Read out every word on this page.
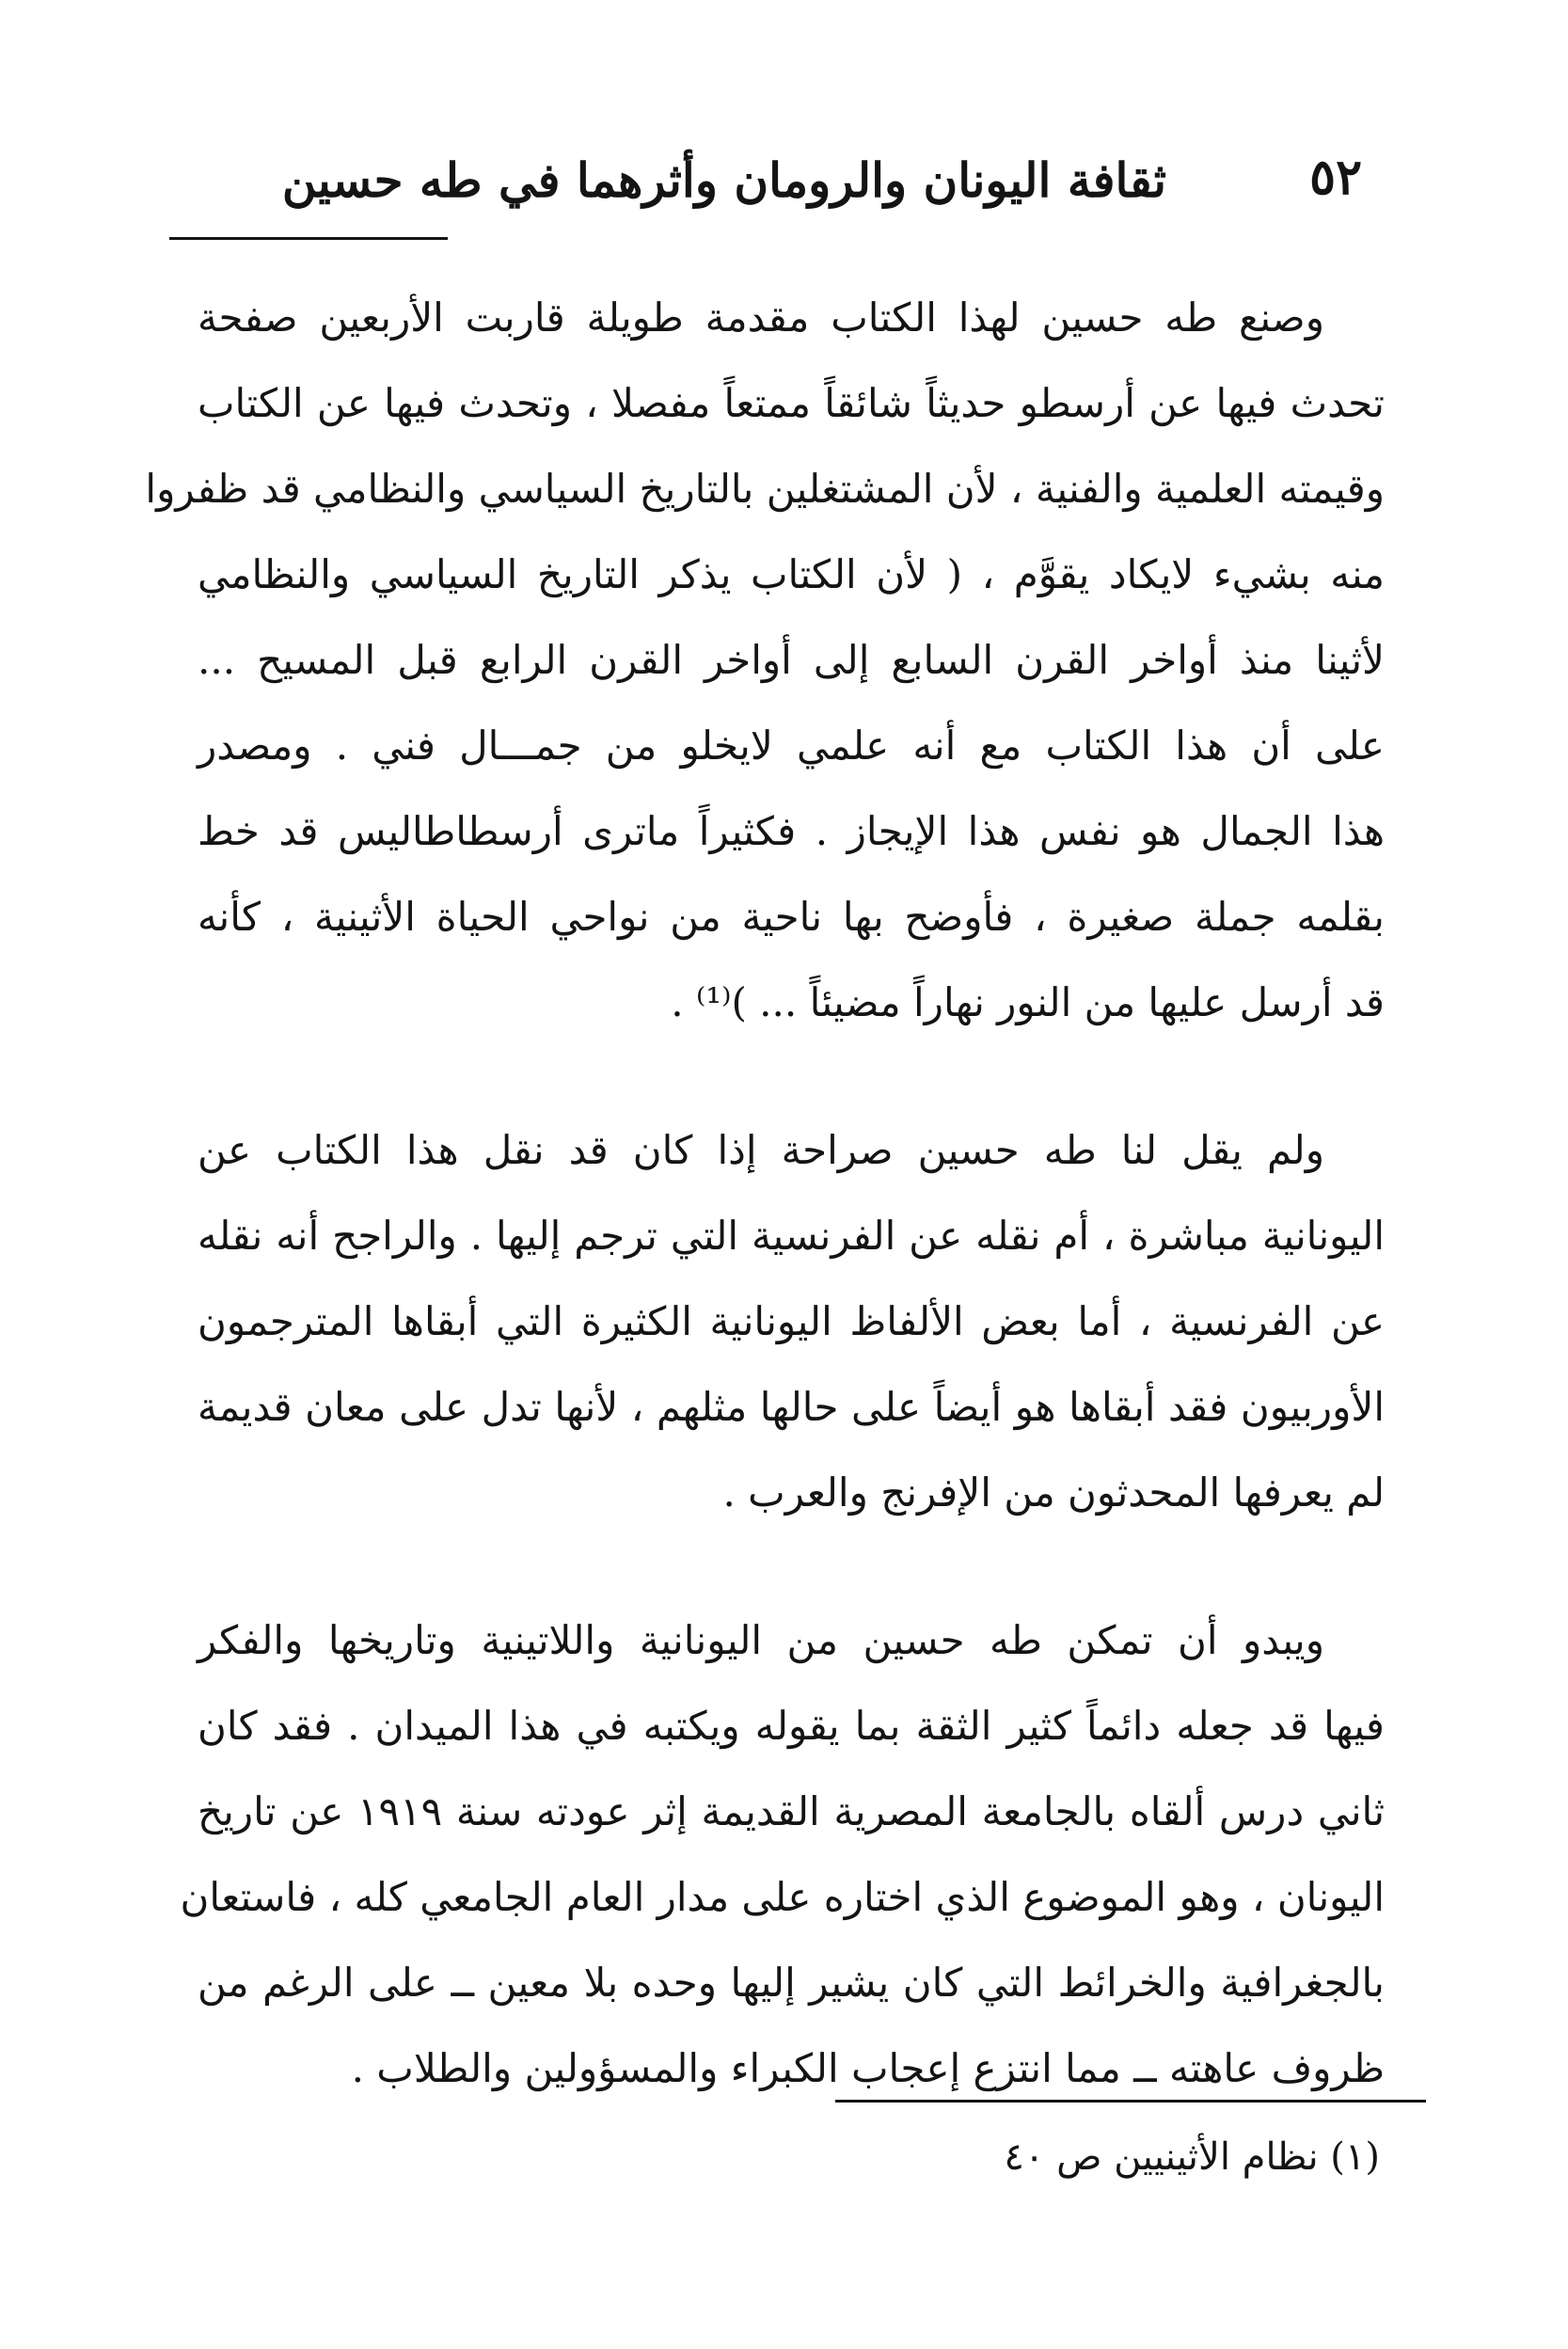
٥٢
ثقافة اليونان والرومان وأثرهما في طه حسين
وصنع طه حسين لهذا الكتاب مقدمة طويلة قاربت الأربعين صفحة
تحدث فيها عن أرسطو حديثاً شائقاً ممتعاً مفصلا ، وتحدث فيها عن الكتاب
وقيمته العلمية والفنية ، لأن المشتغلين بالتاريخ السياسي والنظامي قد ظفروا
منه بشيء لايكاد يقوَّم ، ( لأن الكتاب يذكر التاريخ السياسي والنظامي
لأثينا منذ أواخر القرن السابع إلى أواخر القرن الرابع قبل المسيح ...
على أن هذا الكتاب مع أنه علمي لايخلو من جمـــال فني . ومصدر
هذا الجمال هو نفس هذا الإيجاز . فكثيراً ماترى أرسطاطاليس قد خط
بقلمه جملة صغيرة ، فأوضح بها ناحية من نواحي الحياة الأثينية ، كأنه
قد أرسل عليها من النور نهاراً مضيئاً ... )⁽¹⁾ .
ولم يقل لنا طه حسين صراحة إذا كان قد نقل هذا الكتاب عن
اليونانية مباشرة ، أم نقله عن الفرنسية التي ترجم إليها . والراجح أنه نقله
عن الفرنسية ، أما بعض الألفاظ اليونانية الكثيرة التي أبقاها المترجمون
الأوربيون فقد أبقاها هو أيضاً على حالها مثلهم ، لأنها تدل على معان قديمة
لم يعرفها المحدثون من الإفرنج والعرب .
ويبدو أن تمكن طه حسين من اليونانية واللاتينية وتاريخها والفكر
فيها قد جعله دائماً كثير الثقة بما يقوله ويكتبه في هذا الميدان . فقد كان
ثاني درس ألقاه بالجامعة المصرية القديمة إثر عودته سنة ١٩١٩ عن تاريخ
اليونان ، وهو الموضوع الذي اختاره على مدار العام الجامعي كله ، فاستعان
بالجغرافية والخرائط التي كان يشير إليها وحده بلا معين ــ على الرغم من
ظروف عاهته ــ مما انتزع إعجاب الكبراء والمسؤولين والطلاب .
(١) نظام الأثينيين ص ٤٠
